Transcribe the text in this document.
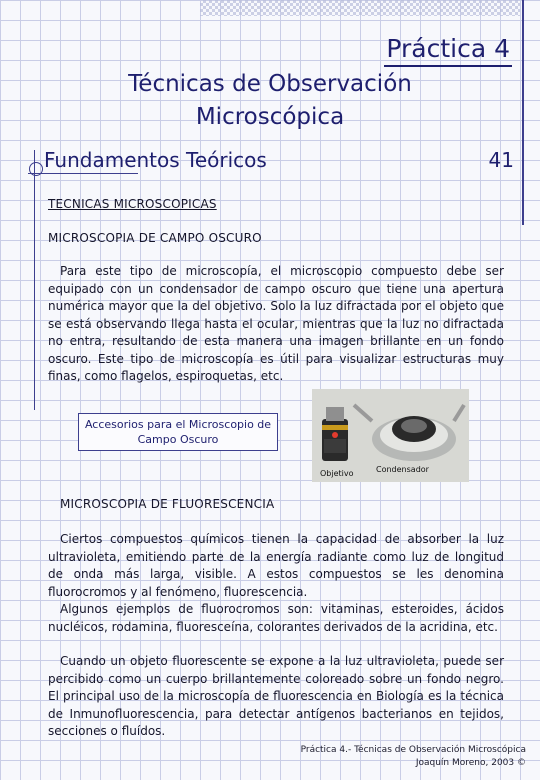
Práctica 4
Técnicas de Observación
Microscópica
Fundamentos Teóricos	41
TECNICAS MICROSCOPICAS
MICROSCOPIA DE CAMPO OSCURO

Para este tipo de microscopía, el microscopio compuesto debe ser equipado con un condensador de campo oscuro que tiene una apertura numérica mayor que la del objetivo. Solo la luz difractada por el objeto que se está observando llega hasta el ocular, mientras que la luz no difractada no entra, resultando de esta manera una imagen brillante en un fondo oscuro. Este tipo de microscopía es útil para visualizar estructuras muy finas, como flagelos, espiroquetas, etc.

Accesorios para el Microscopio de Campo Oscuro
Objetivo	Condensador
MICROSCOPIA DE FLUORESCENCIA

Ciertos compuestos químicos tienen la capacidad de absorber la luz ultravioleta, emitiendo parte de la energía radiante como luz de longitud de onda más larga, visible. A estos compuestos se les denomina fluorocromos y al fenómeno, fluorescencia.

Algunos ejemplos de fluorocromos son: vitaminas, esteroides, ácidos nucléicos, rodamina, fluoresceína, colorantes derivados de la acridina, etc.

Cuando un objeto fluorescente se expone a la luz ultravioleta, puede ser percibido como un cuerpo brillantemente coloreado sobre un fondo negro. El principal uso de la microscopía de fluorescencia en Biología es la técnica de Inmunofluorescencia, para detectar antígenos bacterianos en tejidos, secciones o fluídos.

Práctica 4.- Técnicas de Observación Microscópica
Joaquín Moreno, 2003 ©
